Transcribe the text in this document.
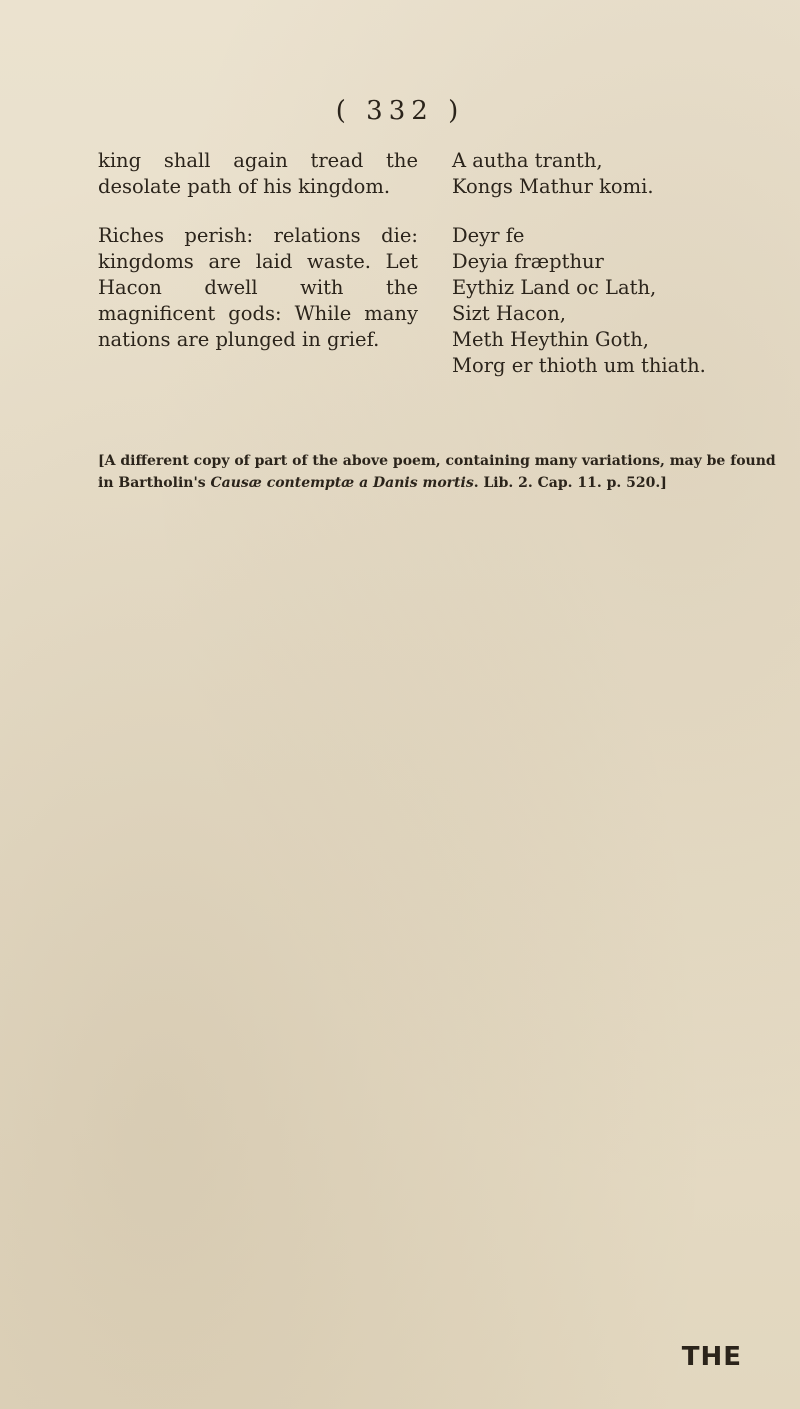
( 332 )

king shall again tread the desolate path of his kingdom.

Riches perish: relations die: kingdoms are laid waste. Let Hacon dwell with the magnificent gods: While many nations are plunged in grief.

A autha tranth,
Kongs Mathur komi.
Deyr fe
Deyia fræpthur
Eythiz Land oc Lath,
Sizt Hacon,
Meth Heythin Goth,
Morg er thioth um thiath.
[A different copy of part of the above poem, containing many variations, may be found in Bartholin's Causæ contemptæ a Danis mortis. Lib. 2. Cap. 11. p. 520.]
THE
